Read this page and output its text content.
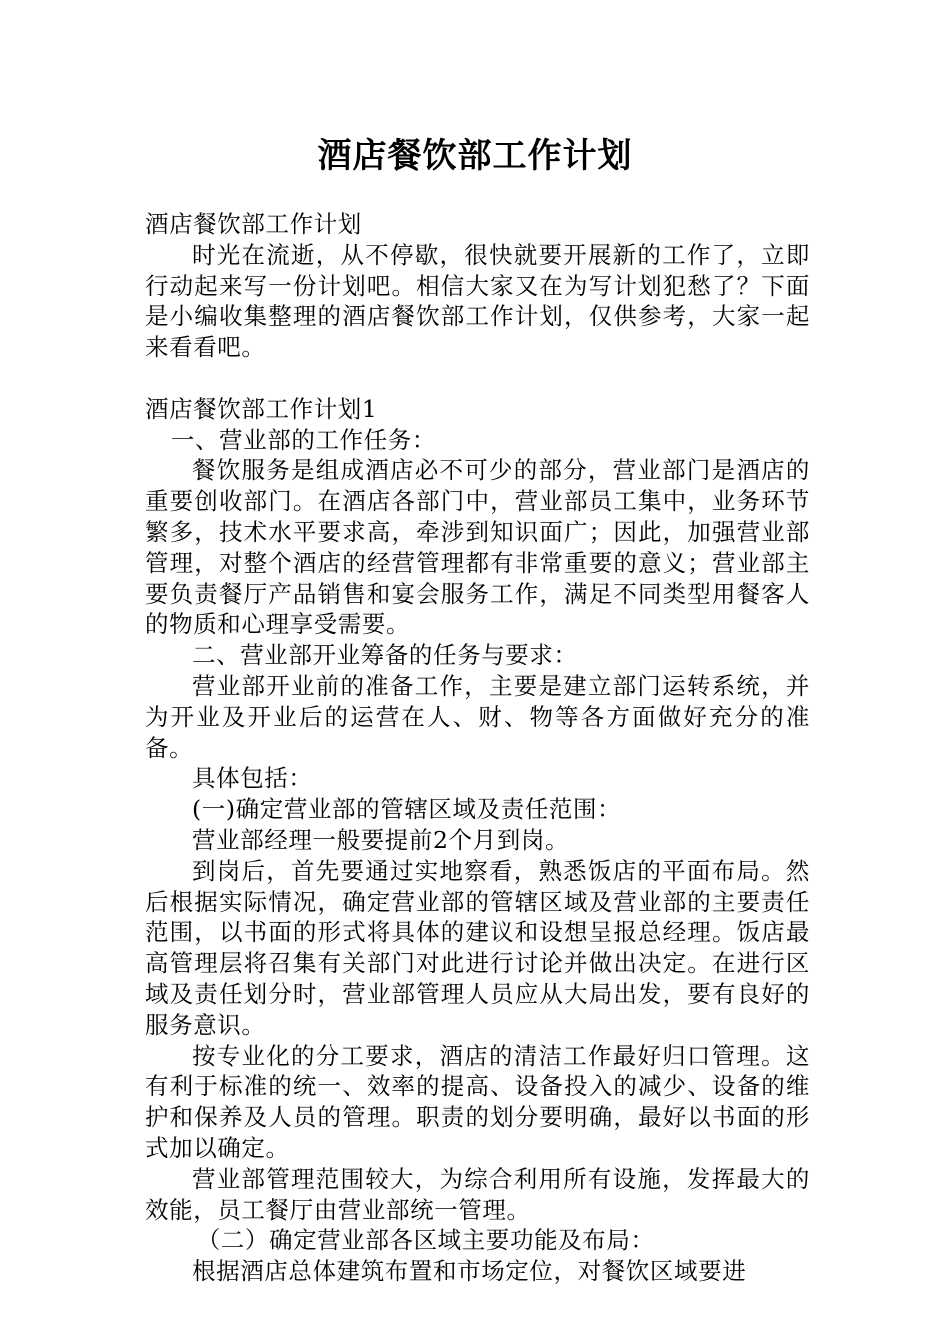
酒店餐饮部工作计划

酒店餐饮部工作计划

时光在流逝，从不停歇，很快就要开展新的工作了，立即行动起来写一份计划吧。相信大家又在为写计划犯愁了？下面是小编收集整理的酒店餐饮部工作计划，仅供参考，大家一起来看看吧。

酒店餐饮部工作计划1

一、营业部的工作任务：

餐饮服务是组成酒店必不可少的部分，营业部门是酒店的重要创收部门。在酒店各部门中，营业部员工集中，业务环节繁多，技术水平要求高，牵涉到知识面广；因此，加强营业部管理，对整个酒店的经营管理都有非常重要的意义；营业部主要负责餐厅产品销售和宴会服务工作，满足不同类型用餐客人的物质和心理享受需要。

二、营业部开业筹备的任务与要求：

营业部开业前的准备工作，主要是建立部门运转系统，并为开业及开业后的运营在人、财、物等各方面做好充分的准备。

具体包括：

(一)确定营业部的管辖区域及责任范围：

营业部经理一般要提前2个月到岗。

到岗后，首先要通过实地察看，熟悉饭店的平面布局。然后根据实际情况，确定营业部的管辖区域及营业部的主要责任范围，以书面的形式将具体的建议和设想呈报总经理。饭店最高管理层将召集有关部门对此进行讨论并做出决定。在进行区域及责任划分时，营业部管理人员应从大局出发，要有良好的服务意识。

按专业化的分工要求，酒店的清洁工作最好归口管理。这有利于标准的统一、效率的提高、设备投入的减少、设备的维护和保养及人员的管理。职责的划分要明确，最好以书面的形式加以确定。

营业部管理范围较大，为综合利用所有设施，发挥最大的效能，员工餐厅由营业部统一管理。

（二）确定营业部各区域主要功能及布局：

根据酒店总体建筑布置和市场定位，对餐饮区域要进
